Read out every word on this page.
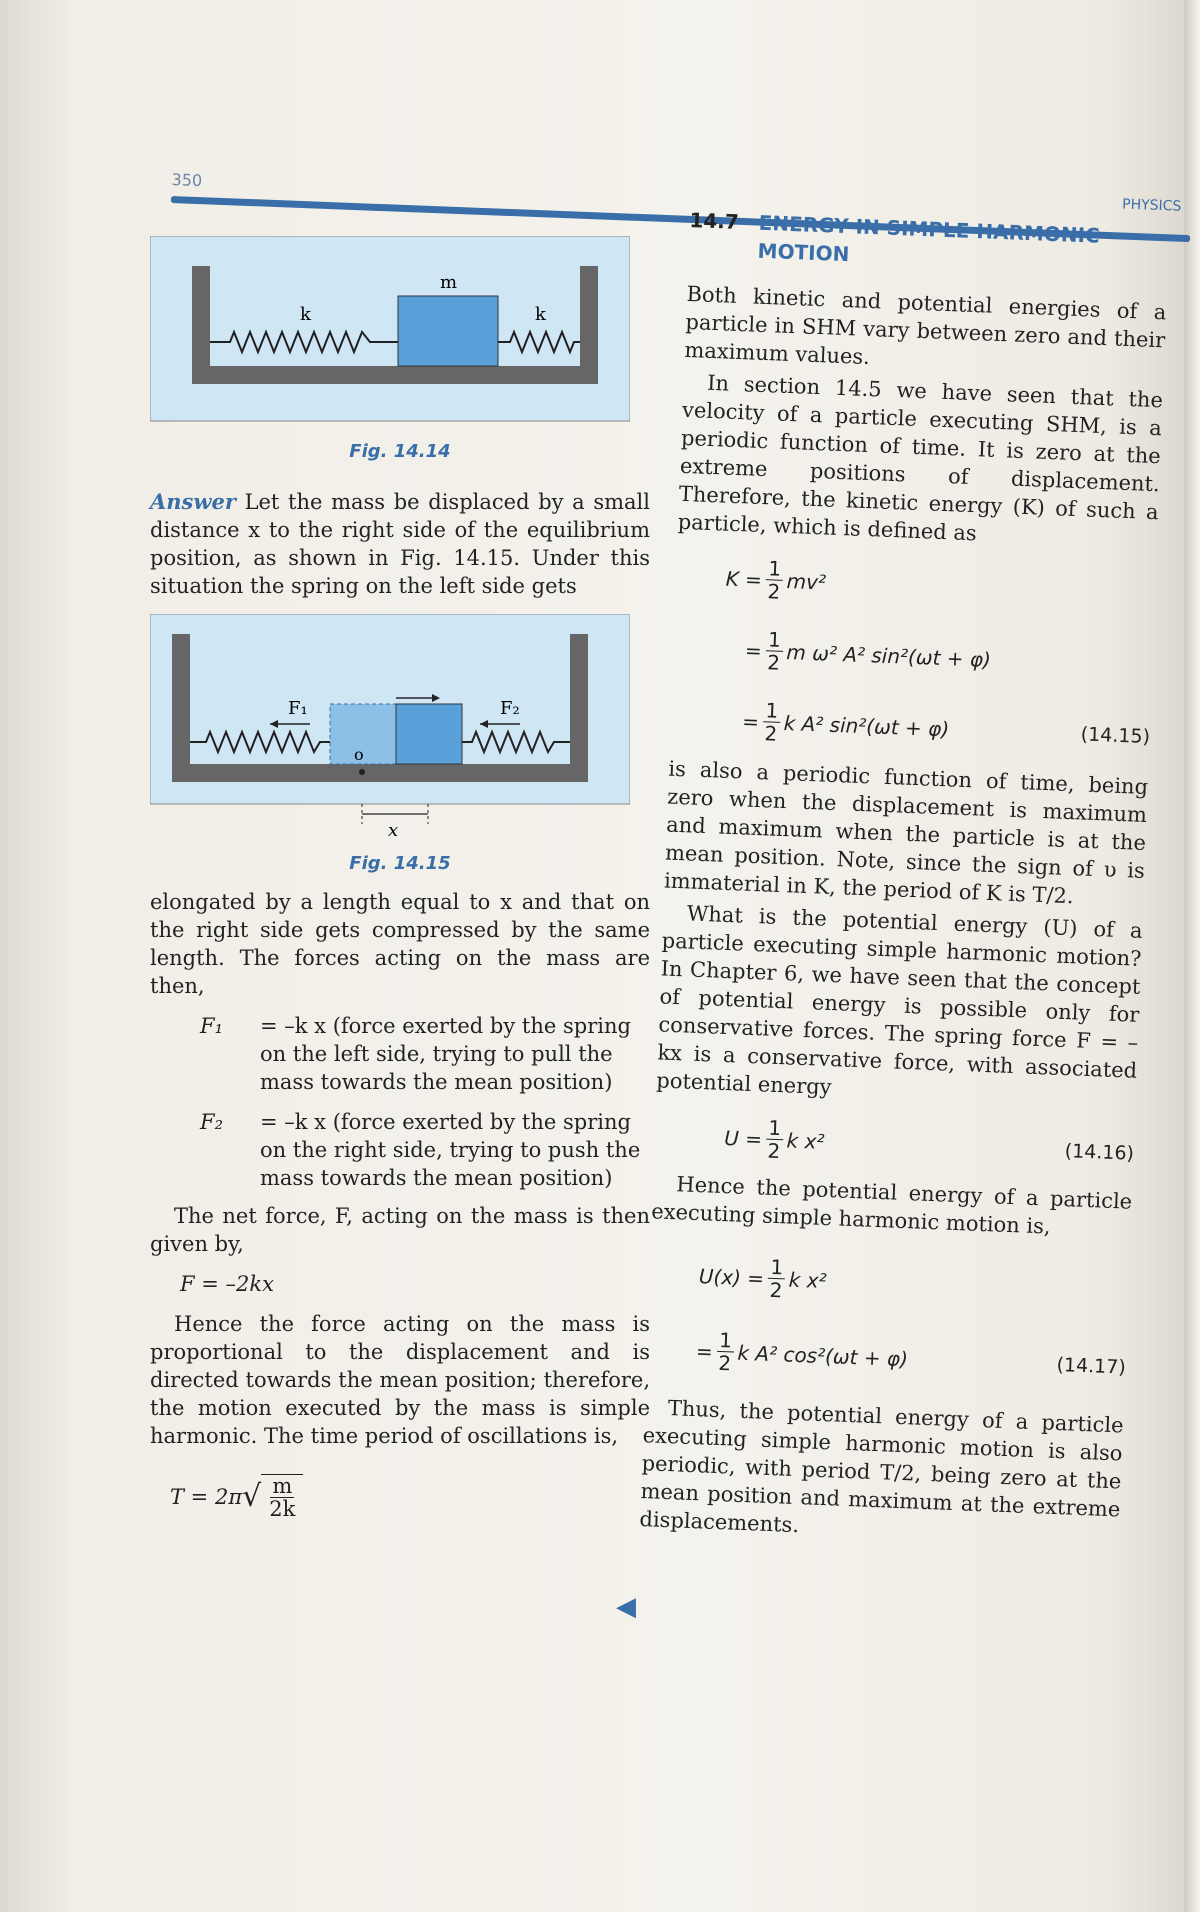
350
PHYSICS
m
k	k
Fig. 14.14

Answer Let the mass be displaced by a small distance x to the right side of the equilibrium position, as shown in Fig. 14.15. Under this situation the spring on the left side gets

F₁	F₂
o
x
Fig. 14.15

elongated by a length equal to x and that on the right side gets compressed by the same length. The forces acting on the mass are then,

F₁	= –k x (force exerted by the spring on the left side, trying to pull the mass towards the mean position)
F₂	= –k x (force exerted by the spring on the right side, trying to push the mass towards the mean position)

The net force, F, acting on the mass is then given by,

F = –2kx

Hence the force acting on the mass is proportional to the displacement and is directed towards the mean position; therefore, the motion executed by the mass is simple harmonic. The time period of oscillations is,

T = 2π √ $\frac{m}{2k}$
◀
14.7 ENERGY IN SIMPLE HARMONIC MOTION

Both kinetic and potential energies of a particle in SHM vary between zero and their maximum values.

In section 14.5 we have seen that the velocity of a particle executing SHM, is a periodic function of time. It is zero at the extreme positions of displacement. Therefore, the kinetic energy (K) of such a particle, which is defined as

$K = \frac{1}{2} mv^2$
= $\frac{1}{2}$ m ω² A² sin²(ωt + φ)
= $\frac{1}{2}$ k A² sin²(ωt + φ)	(14.15)

is also a periodic function of time, being zero when the displacement is maximum and maximum when the particle is at the mean position. Note, since the sign of υ is immaterial in K, the period of K is T/2.

What is the potential energy (U) of a particle executing simple harmonic motion? In Chapter 6, we have seen that the concept of potential energy is possible only for conservative forces. The spring force F = –kx is a conservative force, with associated potential energy

$U = \frac{1}{2}$ k x²	(14.16)

Hence the potential energy of a particle executing simple harmonic motion is,

$U(x) = \frac{1}{2}$ k x²
= $\frac{1}{2}$ k A² cos²(ωt + φ)	(14.17)

Thus, the potential energy of a particle executing simple harmonic motion is also periodic, with period T/2, being zero at the mean position and maximum at the extreme displacements.
